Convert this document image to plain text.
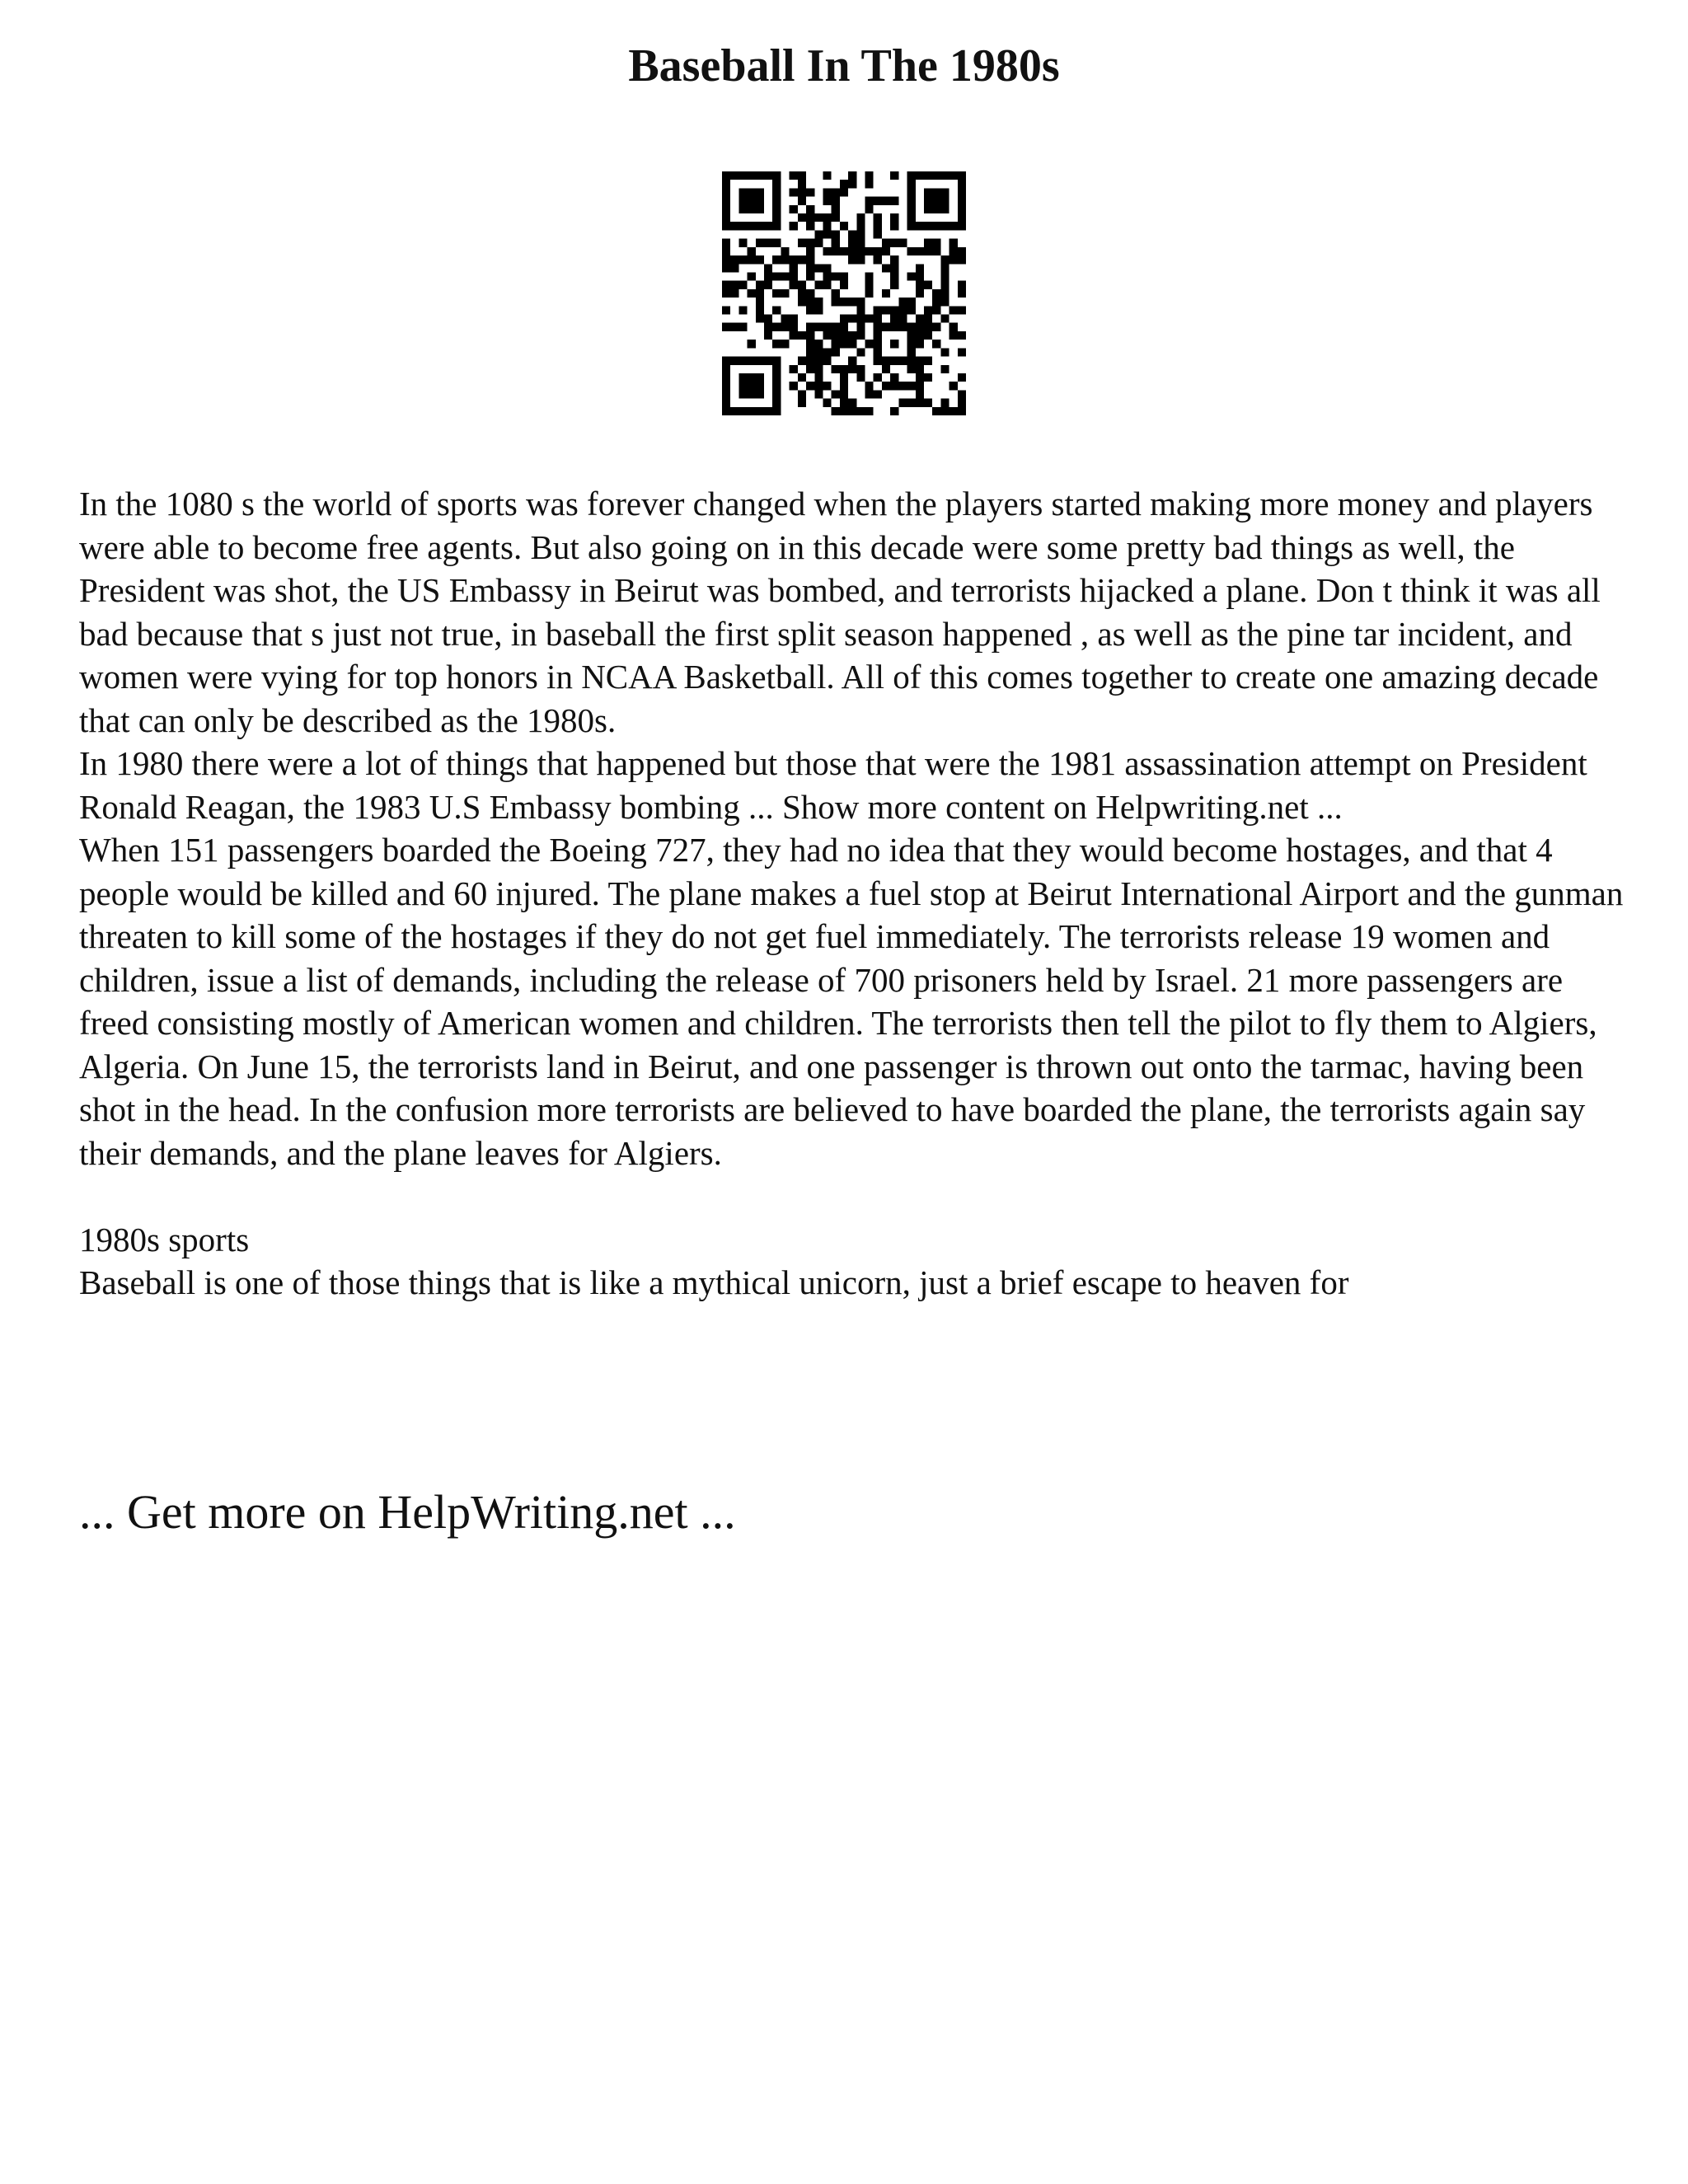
Baseball In The 1980s

In the 1080 s the world of sports was forever changed when the players started making more money and players were able to become free agents. But also going on in this decade were some pretty bad things as well, the President was shot, the US Embassy in Beirut was bombed, and terrorists hijacked a plane. Don t think it was all bad because that s just not true, in baseball the first split season happened , as well as the pine tar incident, and women were vying for top honors in NCAA Basketball. All of this comes together to create one amazing decade that can only be described as the 1980s.

In 1980 there were a lot of things that happened but those that were the 1981 assassination attempt on President Ronald Reagan, the 1983 U.S Embassy bombing ... Show more content on Helpwriting.net ...

When 151 passengers boarded the Boeing 727, they had no idea that they would become hostages, and that 4 people would be killed and 60 injured. The plane makes a fuel stop at Beirut International Airport and the gunman threaten to kill some of the hostages if they do not get fuel immediately. The terrorists release 19 women and children, issue a list of demands, including the release of 700 prisoners held by Israel. 21 more passengers are freed consisting mostly of American women and children. The terrorists then tell the pilot to fly them to Algiers, Algeria. On June 15, the terrorists land in Beirut, and one passenger is thrown out onto the tarmac, having been shot in the head. In the confusion more terrorists are believed to have boarded the plane, the terrorists again say their demands, and the plane leaves for Algiers.

1980s sports

Baseball is one of those things that is like a mythical unicorn, just a brief escape to heaven for

... Get more on HelpWriting.net ...
